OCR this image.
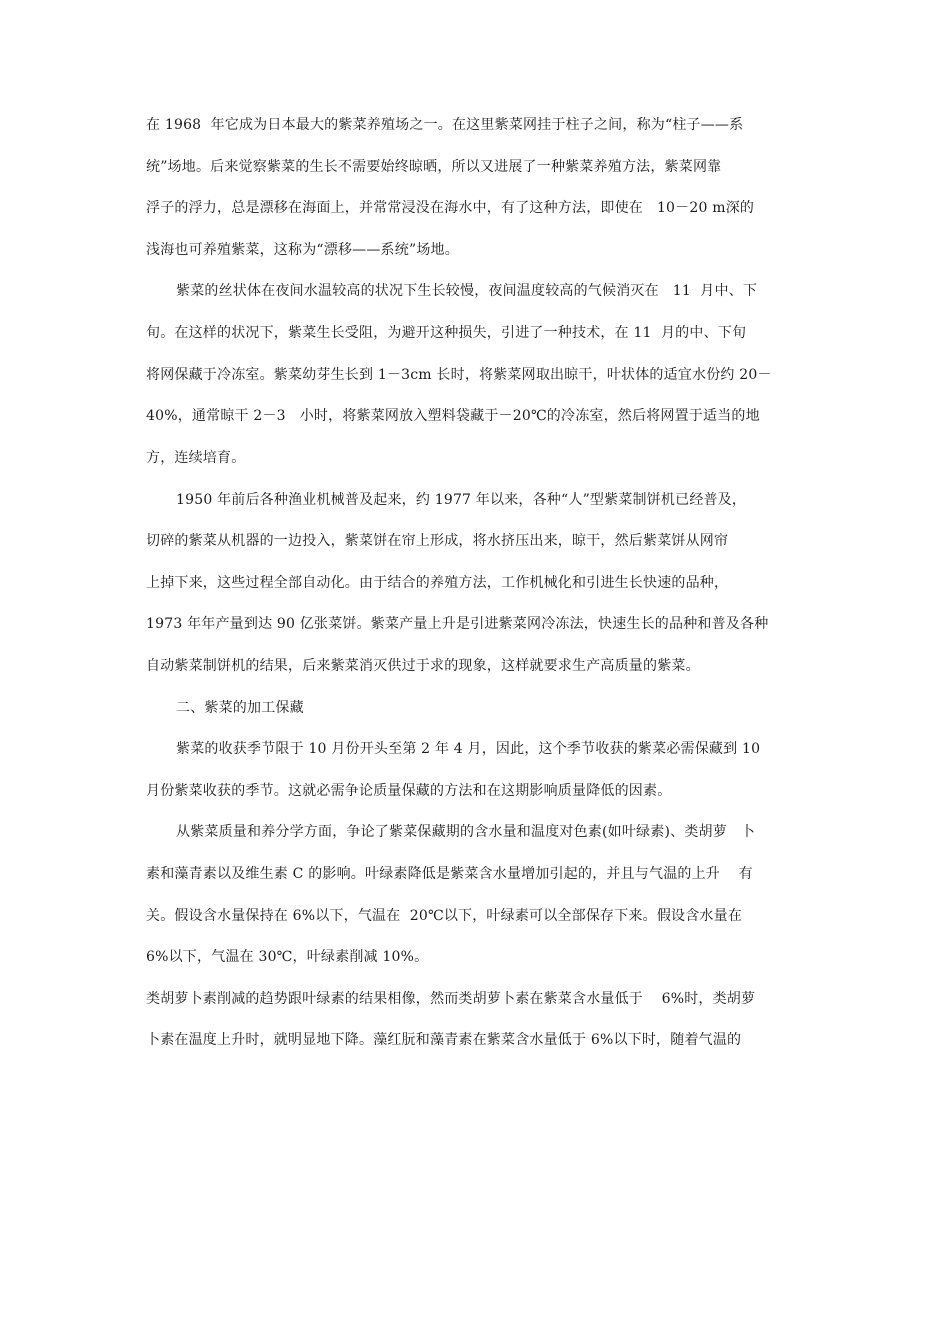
在 1968  年它成为日本最大的紫菜养殖场之一。在这里紫菜网挂于柱子之间，称为“柱子——系
统”场地。后来觉察紫菜的生长不需要始终晾晒，所以又进展了一种紫菜养殖方法，紫菜网靠
浮子的浮力，总是漂移在海面上，并常常浸没在海水中，有了这种方法，即使在   10－20 m深的
浅海也可养殖紫菜，这称为“漂移——系统”场地。
紫菜的丝状体在夜间水温较高的状况下生长较慢，夜间温度较高的气候消灭在   11  月中、下
旬。在这样的状况下，紫菜生长受阻，为避开这种损失，引进了一种技术，在 11  月的中、下旬
将网保藏于冷冻室。紫菜幼芽生长到 1－3cm 长时，将紫菜网取出晾干，叶状体的适宜水份约 20－
40%，通常晾干 2－3   小时，将紫菜网放入塑料袋藏于－20℃的冷冻室，然后将网置于适当的地
方，连续培育。
1950 年前后各种渔业机械普及起来，约 1977 年以来，各种“人”型紫菜制饼机已经普及，
切碎的紫菜从机器的一边投入，紫菜饼在帘上形成，将水挤压出来，晾干，然后紫菜饼从网帘
上掉下来，这些过程全部自动化。由于结合的养殖方法，工作机械化和引进生长快速的品种，
1973 年年产量到达 90 亿张菜饼。紫菜产量上升是引进紫菜网冷冻法，快速生长的品种和普及各种
自动紫菜制饼机的结果，后来紫菜消灭供过于求的现象，这样就要求生产高质量的紫菜。
二、紫菜的加工保藏
紫菜的收获季节限于 10 月份开头至第 2 年 4 月，因此，这个季节收获的紫菜必需保藏到 10
月份紫菜收获的季节。这就必需争论质量保藏的方法和在这期影响质量降低的因素。
从紫菜质量和养分学方面，争论了紫菜保藏期的含水量和温度对色素(如叶绿素)、类胡萝   卜
素和藻青素以及维生素 C 的影响。叶绿素降低是紫菜含水量增加引起的，并且与气温的上升    有
关。假设含水量保持在 6%以下，气温在  20℃以下，叶绿素可以全部保存下来。假设含水量在
6%以下，气温在 30℃，叶绿素削减 10%。
类胡萝卜素削减的趋势跟叶绿素的结果相像，然而类胡萝卜素在紫菜含水量低于    6%时，类胡萝
卜素在温度上升时，就明显地下降。藻红朊和藻青素在紫菜含水量低于 6%以下时，随着气温的
